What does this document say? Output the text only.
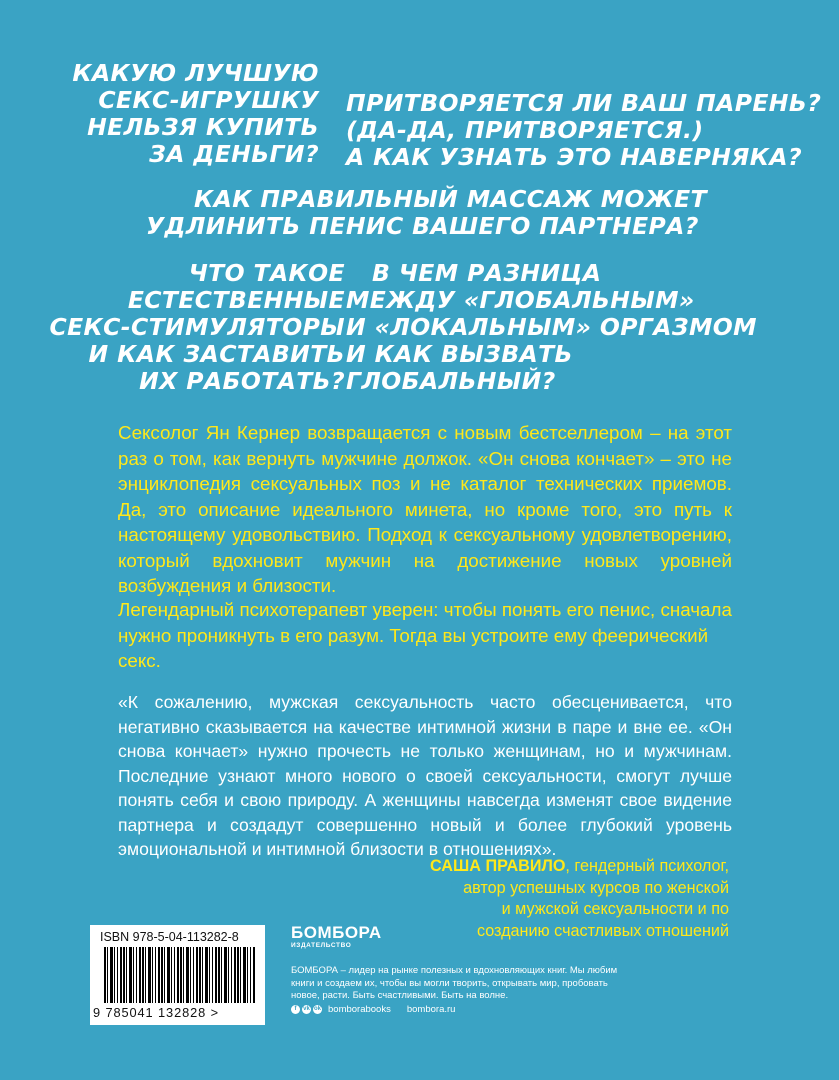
КАКУЮ ЛУЧШУЮ
СЕКС-ИГРУШКУ
НЕЛЬЗЯ КУПИТЬ
ЗА ДЕНЬГИ?
ПРИТВОРЯЕТСЯ ЛИ ВАШ ПАРЕНЬ?
(ДА-ДА, ПРИТВОРЯЕТСЯ.)
А КАК УЗНАТЬ ЭТО НАВЕРНЯКА?
КАК ПРАВИЛЬНЫЙ МАССАЖ МОЖЕТ
УДЛИНИТЬ ПЕНИС ВАШЕГО ПАРТНЕРА?
ЧТО ТАКОЕ
ЕСТЕСТВЕННЫЕ
СЕКС-СТИМУЛЯТОРЫ
И КАК ЗАСТАВИТЬ
ИХ РАБОТАТЬ?
В ЧЕМ РАЗНИЦА
МЕЖДУ «ГЛОБАЛЬНЫМ»
И «ЛОКАЛЬНЫМ» ОРГАЗМОМ
И КАК ВЫЗВАТЬ
ГЛОБАЛЬНЫЙ?

Сексолог Ян Кернер возвращается с новым бестселлером – на этот раз о том, как вернуть мужчине должок. «Он снова кончает» – это не энциклопедия сексуальных поз и не каталог технических приемов. Да, это описание идеального минета, но кроме того, это путь к настоящему удовольствию. Подход к сексуальному удовлетворению, который вдохновит мужчин на достижение новых уровней возбуждения и близости.

Легендарный психотерапевт уверен: чтобы понять его пенис, сначала нужно проникнуть в его разум. Тогда вы устроите ему феерический секс.

«К сожалению, мужская сексуальность часто обесценивается, что негативно сказывается на качестве интимной жизни в паре и вне ее. «Он снова кончает» нужно прочесть не только женщинам, но и мужчинам. Последние узнают много нового о своей сексуальности, смогут лучше понять себя и свою природу. А женщины навсегда изменят свое видение партнера и создадут совершенно новый и более глубокий уровень эмоциональной и интимной близости в отношениях».

САША ПРАВИЛО, гендерный психолог,
автор успешных курсов по женской
и мужской сексуальности и по
созданию счастливых отношений
ISBN 978-5-04-113282-8
9 785041 132828 >
БОМБОРА
ИЗДАТЕЛЬСТВО

БОМБОРА – лидер на рынке полезных и вдохновляющих книг. Мы любим книги и создаем их, чтобы вы могли творить, открывать мир, пробовать новое, расти. Быть счастливыми. Быть на волне.

f	vk ok bomborabooks bombora.ru
